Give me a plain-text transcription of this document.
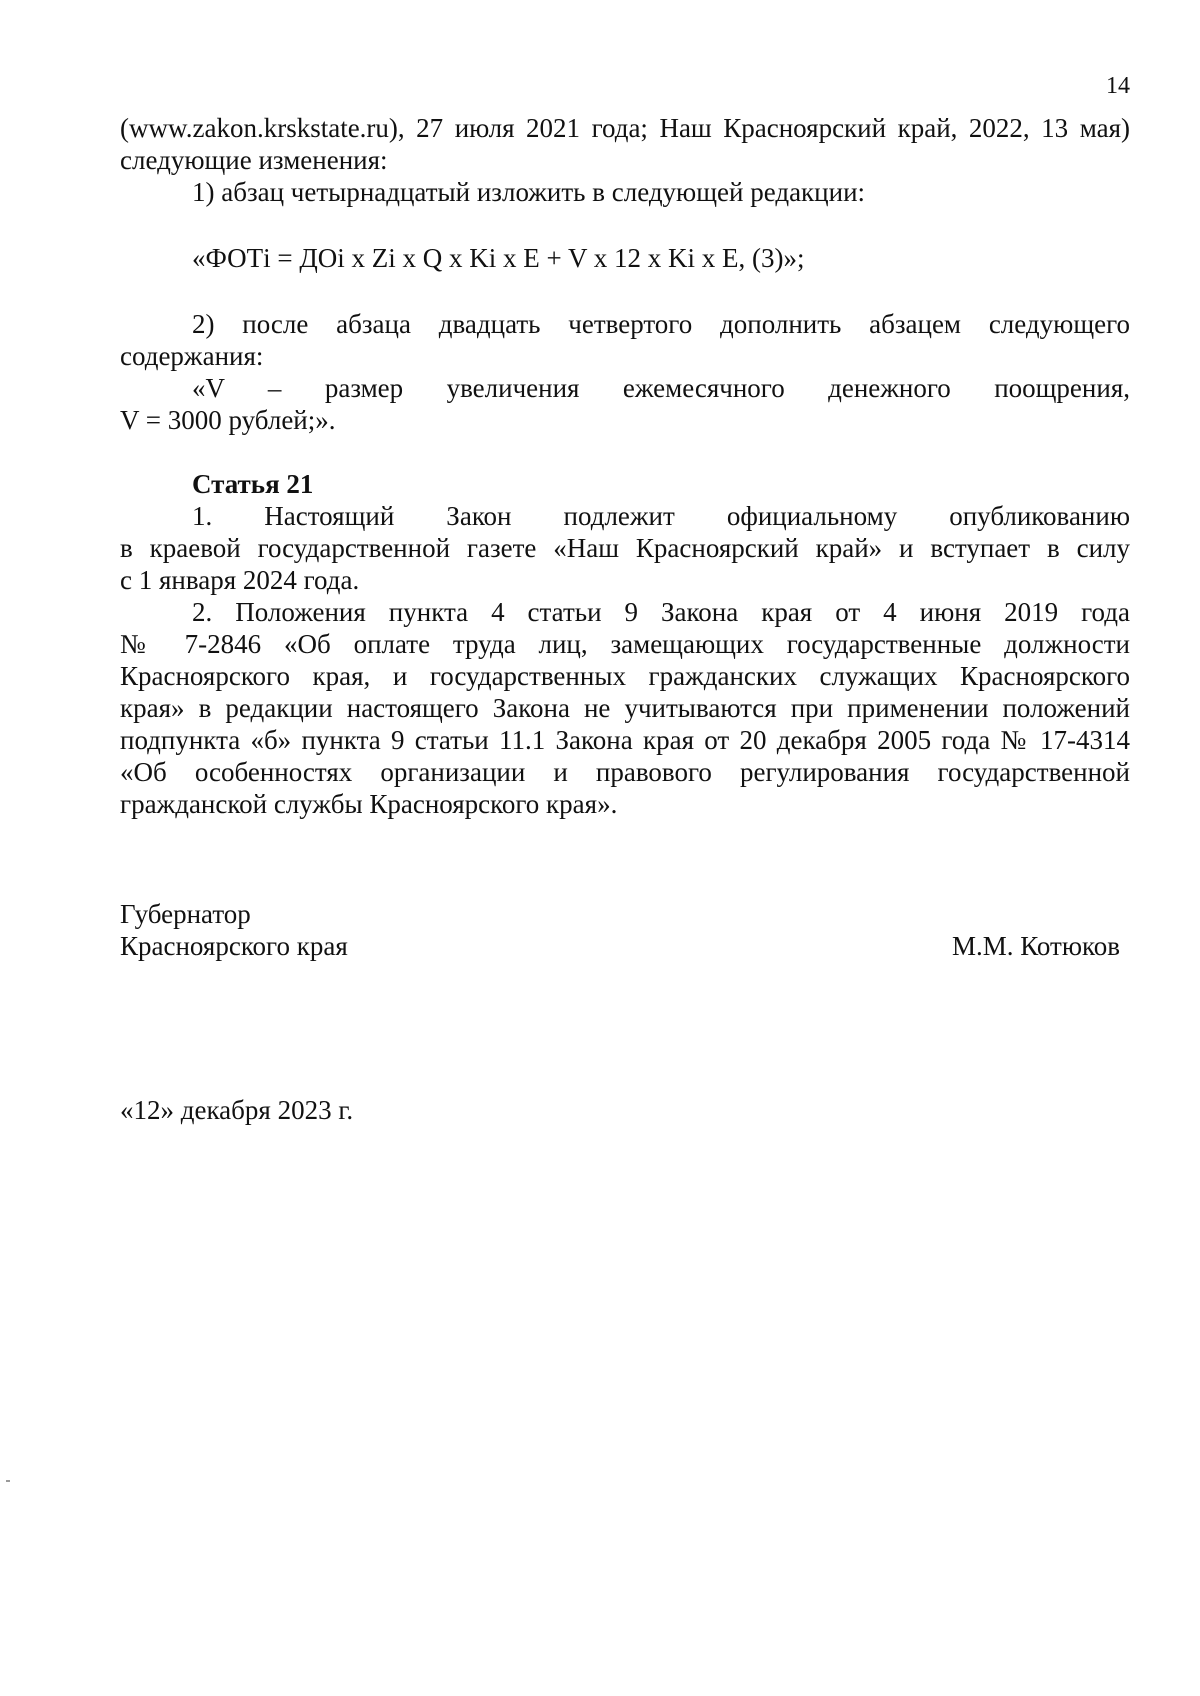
14

(www.zakon.krskstate.ru), 27 июля 2021 года; Наш Красноярский край, 2022, 13 мая)

следующие изменения:

1) абзац четырнадцатый изложить в следующей редакции:

«ФОТi = ДОi x Zi x Q x Ki x E + V x 12 x Ki x E, (3)»;

2) после абзаца двадцать четвертого дополнить абзацем следующего

содержания:

«V – размер увеличения ежемесячного денежного поощрения,

V = 3000 рублей;».

Статья 21

1. Настоящий Закон подлежит официальному опубликованию

в краевой государственной газете «Наш Красноярский край» и вступает в силу

с 1 января 2024 года.

2. Положения пункта 4 статьи 9 Закона края от 4 июня 2019 года

№ 7-2846 «Об оплате труда лиц, замещающих государственные должности

Красноярского края, и государственных гражданских служащих Красноярского

края» в редакции настоящего Закона не учитываются при применении положений

подпункта «б» пункта 9 статьи 11.1 Закона края от 20 декабря 2005 года № 17-4314

«Об особенностях организации и правового регулирования государственной

гражданской службы Красноярского края».

Губернатор
Красноярского края	М.М. Котюков
«12» декабря 2023 г.
